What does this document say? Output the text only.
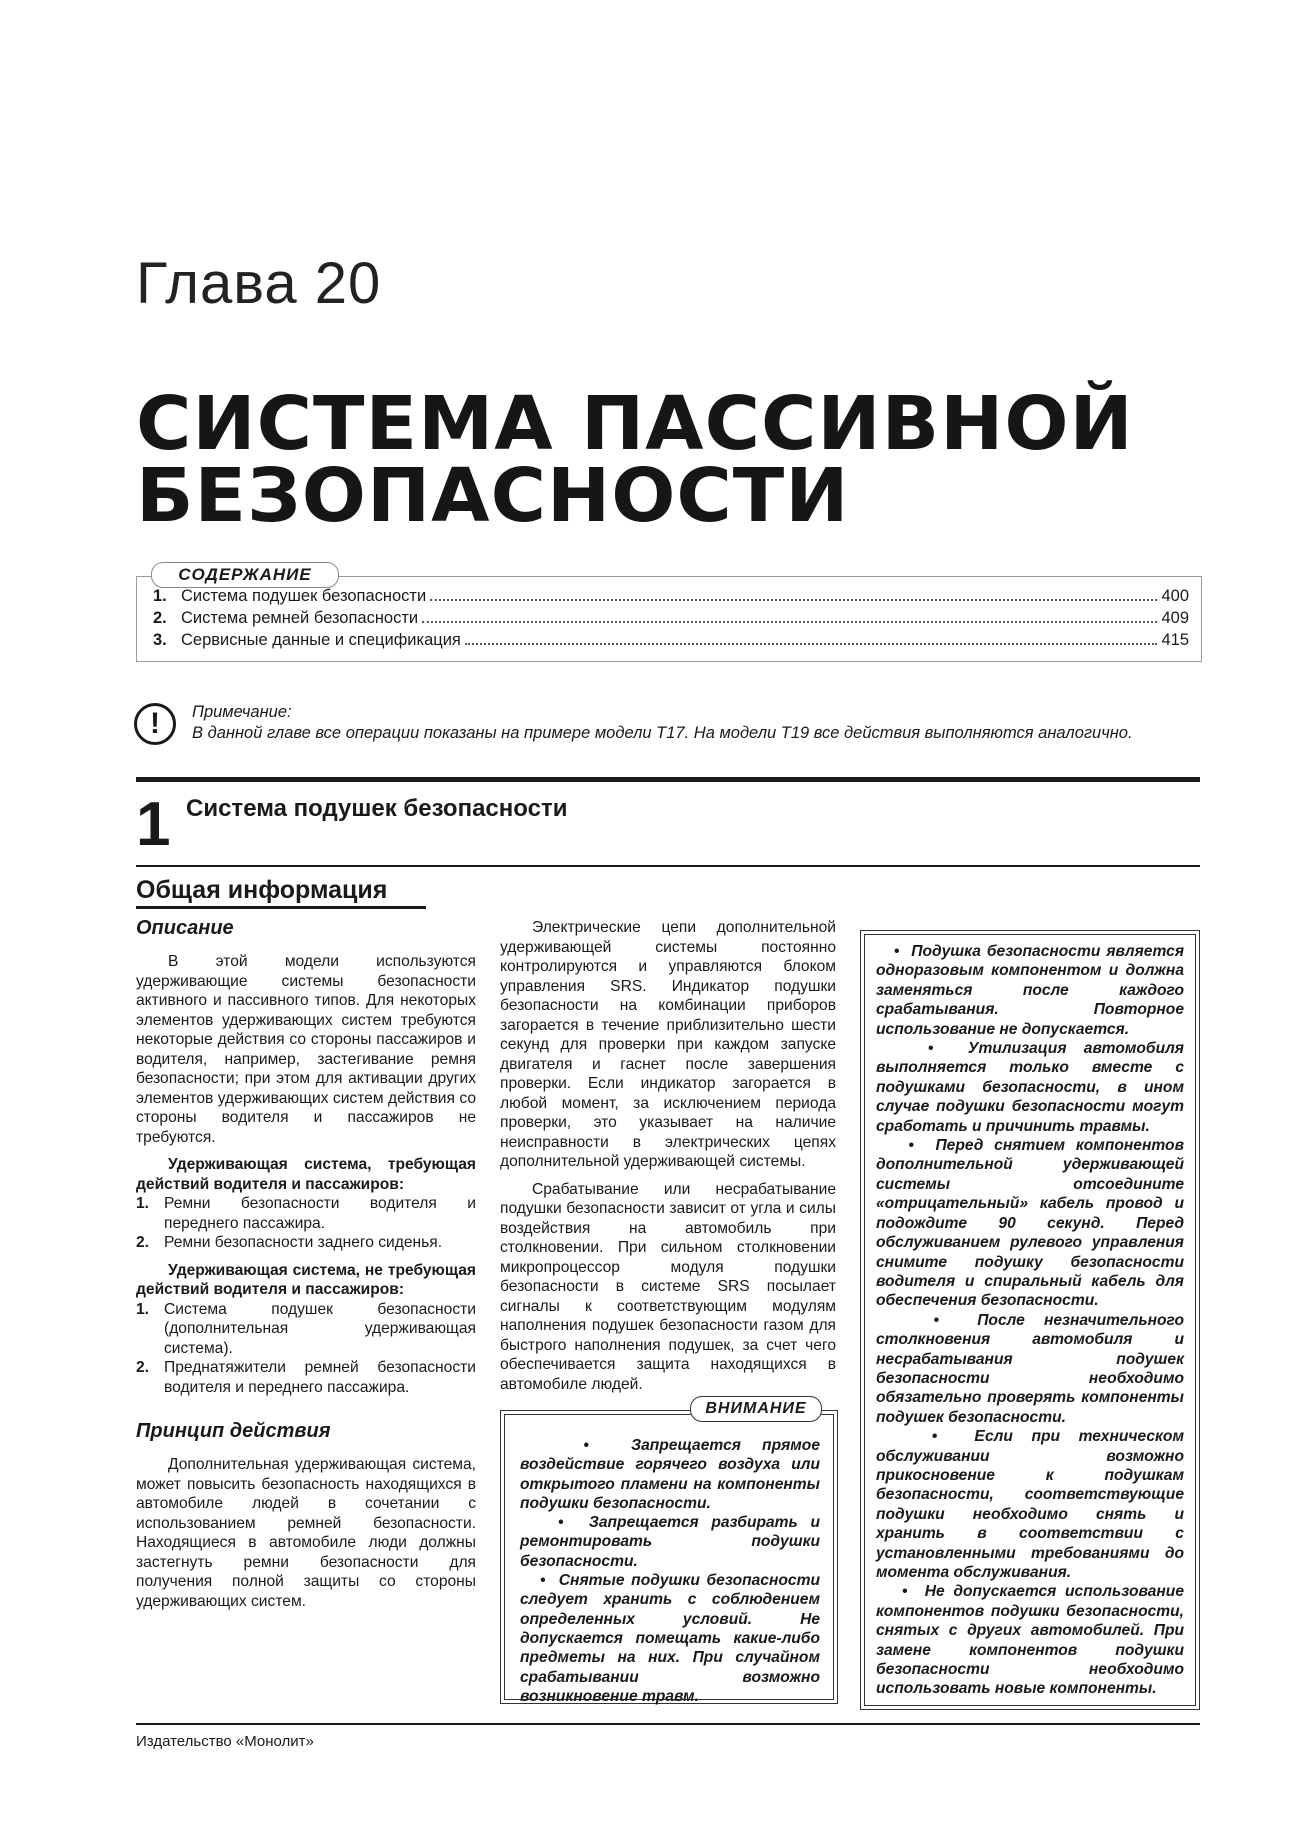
Глава 20
СИСТЕМА ПАССИВНОЙ
БЕЗОПАСНОСТИ
СОДЕРЖАНИЕ
1. Система подушек безопасности	400
2. Система ремней безопасности	409
3. Сервисные данные и спецификация	415
!	Примечание:
В данной главе все операции показаны на примере модели T17. На модели T19 все действия выполняются аналогично.
1 Система подушек безопасности
Общая информация

Описание

В этой модели используются удерживающие системы безопасности активного и пассивного типов. Для некоторых элементов удерживающих систем требуются некоторые действия со стороны пассажиров и водителя, например, застегивание ремня безопасности; при этом для активации других элементов удерживающих систем действия со стороны водителя и пассажиров не требуются.

Удерживающая система, требующая действий водителя и пассажиров:

1. Ремни безопасности водителя и переднего пассажира.
2. Ремни безопасности заднего сиденья.

Удерживающая система, не требующая действий водителя и пассажиров:

1. Система подушек безопасности (дополнительная удерживающая система).
2. Преднатяжители ремней безопасности водителя и переднего пассажира.

Принцип действия

Дополнительная удерживающая система, может повысить безопасность находящихся в автомобиле людей в сочетании с использованием ремней безопасности. Находящиеся в автомобиле люди должны застегнуть ремни безопасности для получения полной защиты со стороны удерживающих систем.

Электрические цепи дополнительной удерживающей системы постоянно контролируются и управляются блоком управления SRS. Индикатор подушки безопасности на комбинации приборов загорается в течение приблизительно шести секунд для проверки при каждом запуске двигателя и гаснет после завершения проверки. Если индикатор загорается в любой момент, за исключением периода проверки, это указывает на наличие неисправности в электрических цепях дополнительной удерживающей системы.

Срабатывание или несрабатывание подушки безопасности зависит от угла и силы воздействия на автомобиль при столкновении. При сильном столкновении микропроцессор модуля подушки безопасности в системе SRS посылает сигналы к соответствующим модулям наполнения подушек безопасности газом для быстрого наполнения подушек, за счет чего обеспечивается защита находящихся в автомобиле людей.

ВНИМАНИЕ

•  Запрещается прямое воздействие горячего воздуха или открытого пламени на компоненты подушки безопасности.

•  Запрещается разбирать и ремонтировать подушки безопасности.

•  Снятые подушки безопасности следует хранить с соблюдением определенных условий. Не допускается помещать какие-либо предметы на них. При случайном срабатывании возможно возникновение травм.

•  Подушка безопасности является одноразовым компонентом и должна заменяться после каждого срабатывания. Повторное использование не допускается.

•  Утилизация автомобиля выполняется только вместе с подушками безопасности, в ином случае подушки безопасности могут сработать и причинить травмы.

•  Перед снятием компонентов дополнительной удерживающей системы отсоедините «отрицательный» кабель провод и подождите 90 секунд. Перед обслуживанием рулевого управления снимите подушку безопасности водителя и спиральный кабель для обеспечения безопасности.

•  После незначительного столкновения автомобиля и несрабатывания подушек безопасности необходимо обязательно проверять компоненты подушек безопасности.

•  Если при техническом обслуживании возможно прикосновение к подушкам безопасности, соответствующие подушки необходимо снять и хранить в соответствии с установленными требованиями до момента обслуживания.

•  Не допускается использование компонентов подушки безопасности, снятых с других автомобилей. При замене компонентов подушки безопасности необходимо использовать новые компоненты.

Издательство «Монолит»
